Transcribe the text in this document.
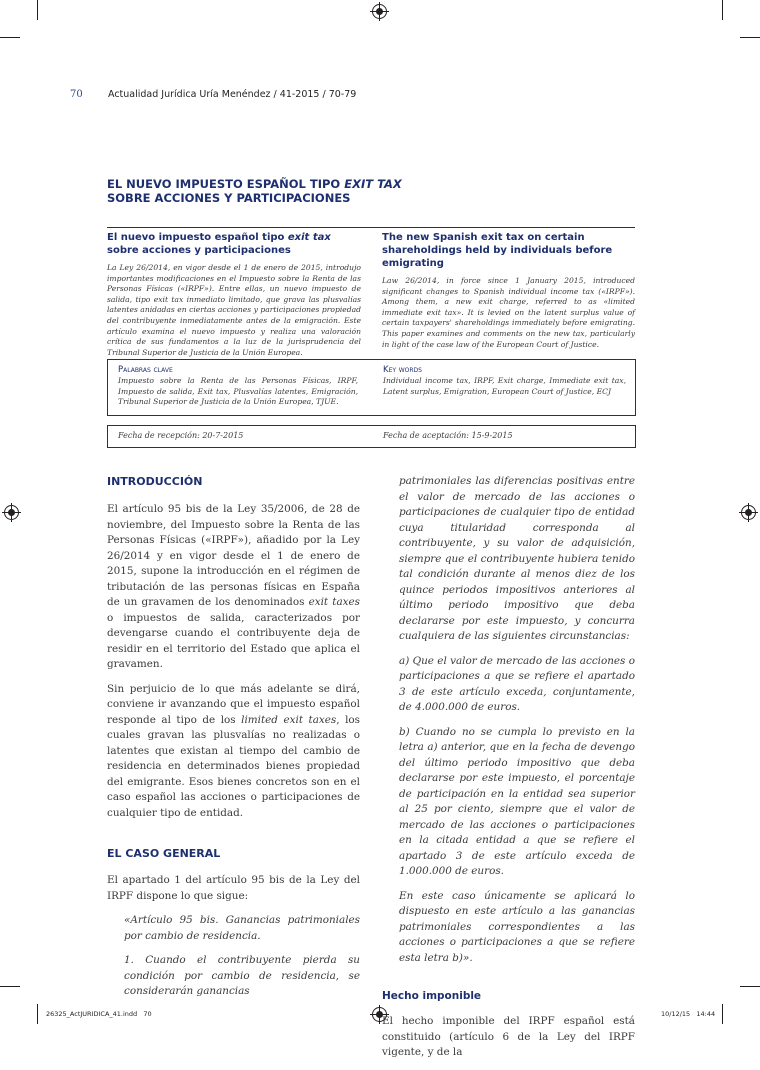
70	Actualidad Jurídica Uría Menéndez / 41-2015 / 70-79
EL NUEVO IMPUESTO ESPAÑOL TIPO EXIT TAX
SOBRE ACCIONES Y PARTICIPACIONES
El nuevo impuesto español tipo exit tax sobre acciones y participaciones
La Ley 26/2014, en vigor desde el 1 de enero de 2015, introdujo importantes modificaciones en el Impuesto sobre la Renta de las Personas Físicas («IRPF»). Entre ellas, un nuevo impuesto de salida, tipo exit tax inmediato limitado, que grava las plusvalías latentes anidadas en ciertas acciones y participaciones propiedad del contribuyente inmediatamente antes de la emigración. Este artículo examina el nuevo impuesto y realiza una valoración crítica de sus fundamentos a la luz de la jurisprudencia del Tribunal Superior de Justicia de la Unión Europea.
The new Spanish exit tax on certain shareholdings held by individuals before emigrating
Law 26/2014, in force since 1 January 2015, introduced significant changes to Spanish individual income tax («IRPF»). Among them, a new exit charge, referred to as «limited immediate exit tax». It is levied on the latent surplus value of certain taxpayers' shareholdings immediately before emigrating. This paper examines and comments on the new tax, particularly in light of the case law of the European Court of Justice.
Palabras clave
Impuesto sobre la Renta de las Personas Físicas, IRPF, Impuesto de salida, Exit tax, Plusvalías latentes, Emigración, Tribunal Superior de Justicia de la Unión Europea, TJUE.
Key words
Individual income tax, IRPF, Exit charge, Immediate exit tax, Latent surplus, Emigration, European Court of Justice, ECJ
Fecha de recepción: 20-7-2015	Fecha de aceptación: 15-9-2015
INTRODUCCIÓN

El artículo 95 bis de la Ley 35/2006, de 28 de noviembre, del Impuesto sobre la Renta de las Personas Físicas («IRPF»), añadido por la Ley 26/2014 y en vigor desde el 1 de enero de 2015, supone la introducción en el régimen de tributación de las personas físicas en España de un gravamen de los denominados exit taxes o impuestos de salida, caracterizados por devengarse cuando el contribuyente deja de residir en el territorio del Estado que aplica el gravamen.

Sin perjuicio de lo que más adelante se dirá, conviene ir avanzando que el impuesto español responde al tipo de los limited exit taxes, los cuales gravan las plusvalías no realizadas o latentes que existan al tiempo del cambio de residencia en determinados bienes propiedad del emigrante. Esos bienes concretos son en el caso español las acciones o participaciones de cualquier tipo de entidad.

EL CASO GENERAL

El apartado 1 del artículo 95 bis de la Ley del IRPF dispone lo que sigue:

«Artículo 95 bis. Ganancias patrimoniales por cambio de residencia.

1. Cuando el contribuyente pierda su condición por cambio de residencia, se considerarán ganancias

patrimoniales las diferencias positivas entre el valor de mercado de las acciones o participaciones de cualquier tipo de entidad cuya titularidad corresponda al contribuyente, y su valor de adquisición, siempre que el contribuyente hubiera tenido tal condición durante al menos diez de los quince periodos impositivos anteriores al último periodo impositivo que deba declararse por este impuesto, y concurra cualquiera de las siguientes circunstancias:

a) Que el valor de mercado de las acciones o participaciones a que se refiere el apartado 3 de este artículo exceda, conjuntamente, de 4.000.000 de euros.

b) Cuando no se cumpla lo previsto en la letra a) anterior, que en la fecha de devengo del último periodo impositivo que deba declararse por este impuesto, el porcentaje de participación en la entidad sea superior al 25 por ciento, siempre que el valor de mercado de las acciones o participaciones en la citada entidad a que se refiere el apartado 3 de este artículo exceda de 1.000.000 de euros.

En este caso únicamente se aplicará lo dispuesto en este artículo a las ganancias patrimoniales correspondientes a las acciones o participaciones a que se refiere esta letra b)».

Hecho imponible

El hecho imponible del IRPF español está constituido (artículo 6 de la Ley del IRPF vigente, y de la

26325_ActJURIDICA_41.indd   70	10/12/15   14:44
